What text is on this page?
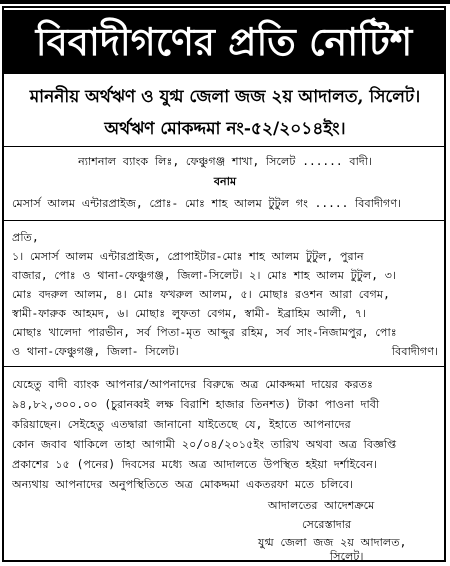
বিবাদীগণের প্রতি নোটিশ
মাননীয় অর্থঋণ ও যুগ্ম জেলা জজ ২য় আদালত, সিলেট।
অর্থঋণ মোকদ্দমা নং-৫২/২০১৪ইং।
ন্যাশনাল ব্যাংক লিঃ, ফেঞ্চুগঞ্জ শাখা, সিলেট ...... বাদী।
বনাম
মেসার্স আলম এন্টারপ্রাইজ, প্রোঃ- মোঃ শাহ আলম টুটুল গং ..... বিবাদীগণ।
প্রতি,
১। মেসার্স আলম এন্টারপ্রাইজ, প্রোপাইটার-মোঃ শাহ আলম টুটুল, পুরান
বাজার, পোঃ ও থানা-ফেঞ্চুগঞ্জ, জিলা-সিলেট। ২। মোঃ শাহ আলম টুটুল, ৩।
মোঃ বদরুল আলম, ৪। মোঃ ফখরুল আলম, ৫। মোছাঃ রওশন আরা বেগম,
স্বামী-ফারুক আহমদ, ৬। মোছাঃ লুফতা বেগম, স্বামী- ইব্রাহিম আলী, ৭।
মোছাঃ খালেদা পারভীন, সর্ব পিতা-মৃত আব্দুর রহিম, সর্ব সাং-নিজামপুর, পোঃ
ও থানা-ফেঞ্চুগঞ্জ, জিলা- সিলেট।	বিবাদীগণ।
যেহেতু বাদী ব্যাংক আপনার/আপনাদের বিরুদ্ধে অত্র মোকদ্দমা দায়ের করতঃ
৯৪,৮২,৩০০.০০ (চুরানব্বই লক্ষ বিরাশি হাজার তিনশত) টাকা পাওনা দাবী
করিয়াছেন। সেইহেতু এতদ্বারা জানানো যাইতেছে যে, ইহাতে আপনাদের
কোন জবাব থাকিলে তাহা আগামী ২০/০৪/২০১৫ইং তারিখ অথবা অত্র বিজ্ঞপ্তি
প্রকাশের ১৫ (পনের) দিবসের মধ্যে অত্র আদালতে উপস্থিত হইয়া দর্শাইবেন।
অন্যথায় আপনাদের অনুপস্থিতিতে অত্র মোকদ্দমা একতরফা মতে চলিবে।
আদালতের আদেশক্রমে
সেরেস্তাদার
যুগ্ম জেলা জজ ২য় আদালত,
সিলেট।
